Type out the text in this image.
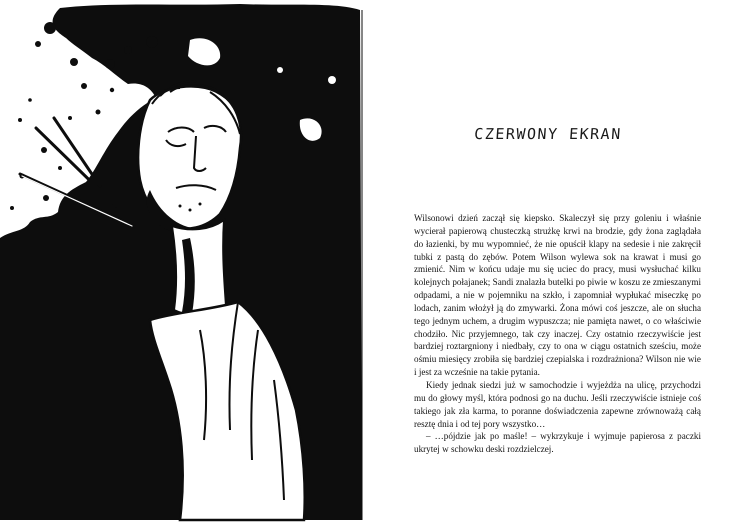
CZERWONY EKRAN

Wilsonowi dzień zaczął się kiepsko. Skaleczył się przy goleniu i właśnie wycierał papierową chusteczką strużkę krwi na brodzie, gdy żona zaglądała do łazienki, by mu wypomnieć, że nie opuścił klapy na sedesie i nie zakręcił tubki z pastą do zębów. Potem Wilson wylewa sok na krawat i musi go zmienić. Nim w końcu udaje mu się uciec do pracy, musi wysłuchać kilku kolejnych połajanek; Sandi znalazła butelki po piwie w koszu ze zmieszanymi odpadami, a nie w pojemniku na szkło, i zapomniał wypłukać miseczkę po lodach, zanim włożył ją do zmywarki. Żona mówi coś jeszcze, ale on słucha tego jednym uchem, a drugim wypuszcza; nie pamięta nawet, o co właściwie chodziło. Nic przyjemnego, tak czy inaczej. Czy ostatnio rzeczywiście jest bardziej roztargniony i niedbały, czy to ona w ciągu ostatnich sześciu, może ośmiu miesięcy zrobiła się bardziej czepialska i rozdrażniona? Wilson nie wie i jest za wcześnie na takie pytania.

Kiedy jednak siedzi już w samochodzie i wyjeżdża na ulicę, przychodzi mu do głowy myśl, która podnosi go na duchu. Jeśli rzeczywiście istnieje coś takiego jak zła karma, to poranne doświadczenia zapewne zrównoważą całą resztę dnia i od tej pory wszystko…

– …pójdzie jak po maśle! – wykrzykuje i wyjmuje papierosa z paczki ukrytej w schowku deski rozdzielczej.
